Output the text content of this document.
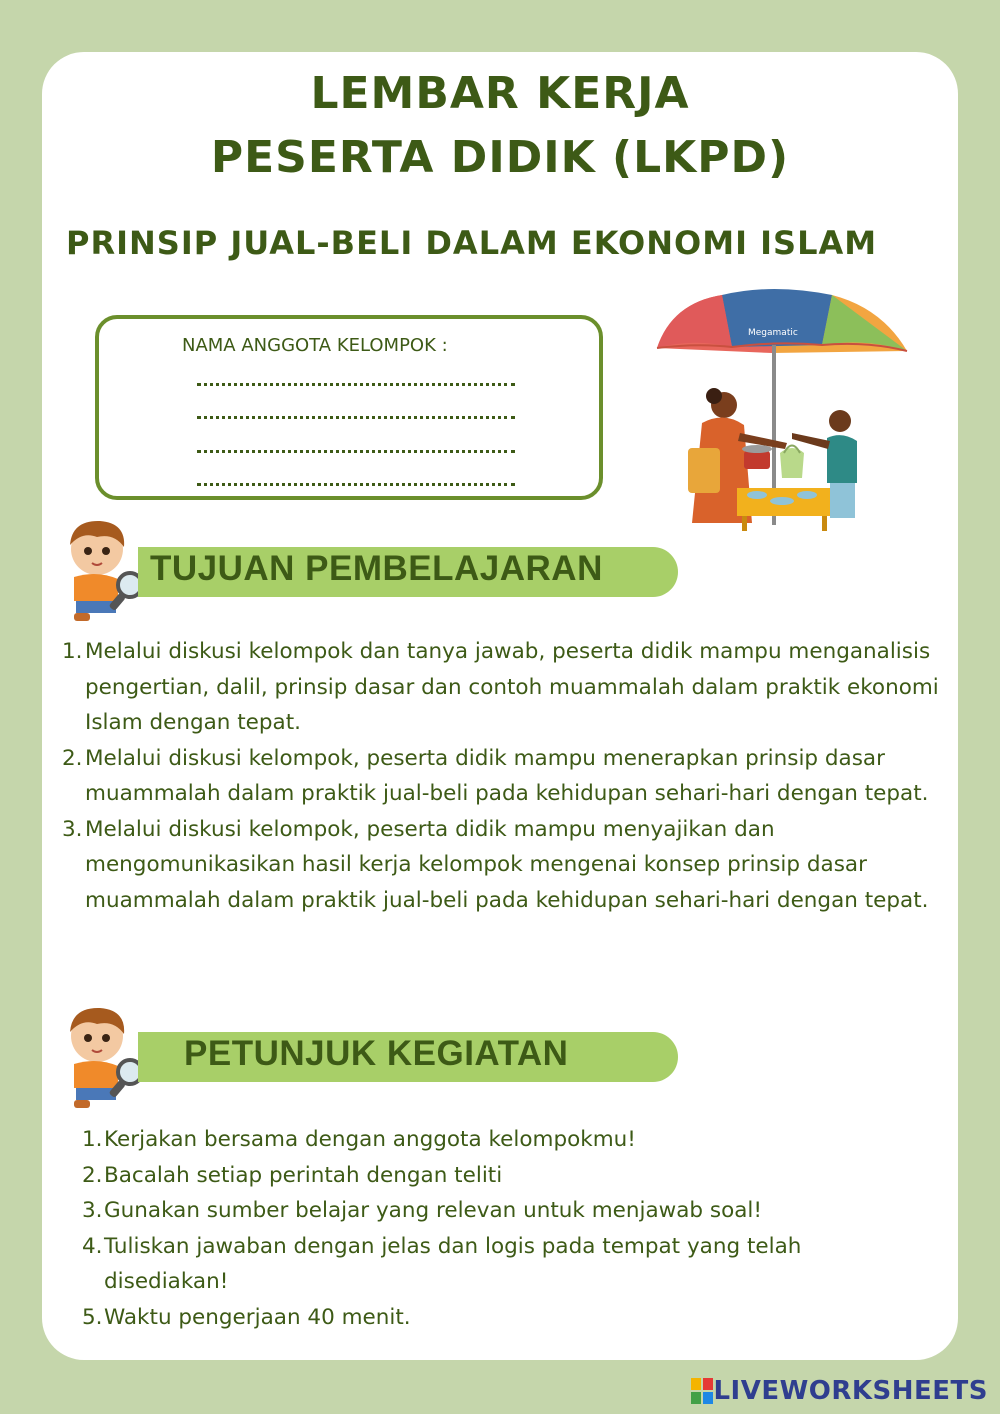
LEMBAR KERJA
PESERTA DIDIK (LKPD)
PRINSIP JUAL-BELI DALAM EKONOMI ISLAM
NAMA ANGGOTA KELOMPOK :
Megamatic
TUJUAN PEMBELAJARAN
1. Melalui diskusi kelompok dan tanya jawab, peserta didik mampu menganalisis pengertian, dalil, prinsip dasar dan contoh muammalah dalam praktik ekonomi Islam dengan tepat.
2. Melalui diskusi kelompok, peserta didik mampu menerapkan prinsip dasar muammalah dalam praktik jual-beli pada kehidupan sehari-hari dengan tepat.
3. Melalui diskusi kelompok, peserta didik mampu menyajikan dan mengomunikasikan hasil kerja kelompok mengenai konsep prinsip dasar muammalah dalam praktik jual-beli pada kehidupan sehari-hari dengan tepat.
PETUNJUK KEGIATAN
1. Kerjakan bersama dengan anggota kelompokmu!
2. Bacalah setiap perintah dengan teliti
3. Gunakan sumber belajar yang relevan untuk menjawab soal!
4. Tuliskan jawaban dengan jelas dan logis pada tempat yang telah disediakan!
5. Waktu pengerjaan 40 menit.
LIVEWORKSHEETS
